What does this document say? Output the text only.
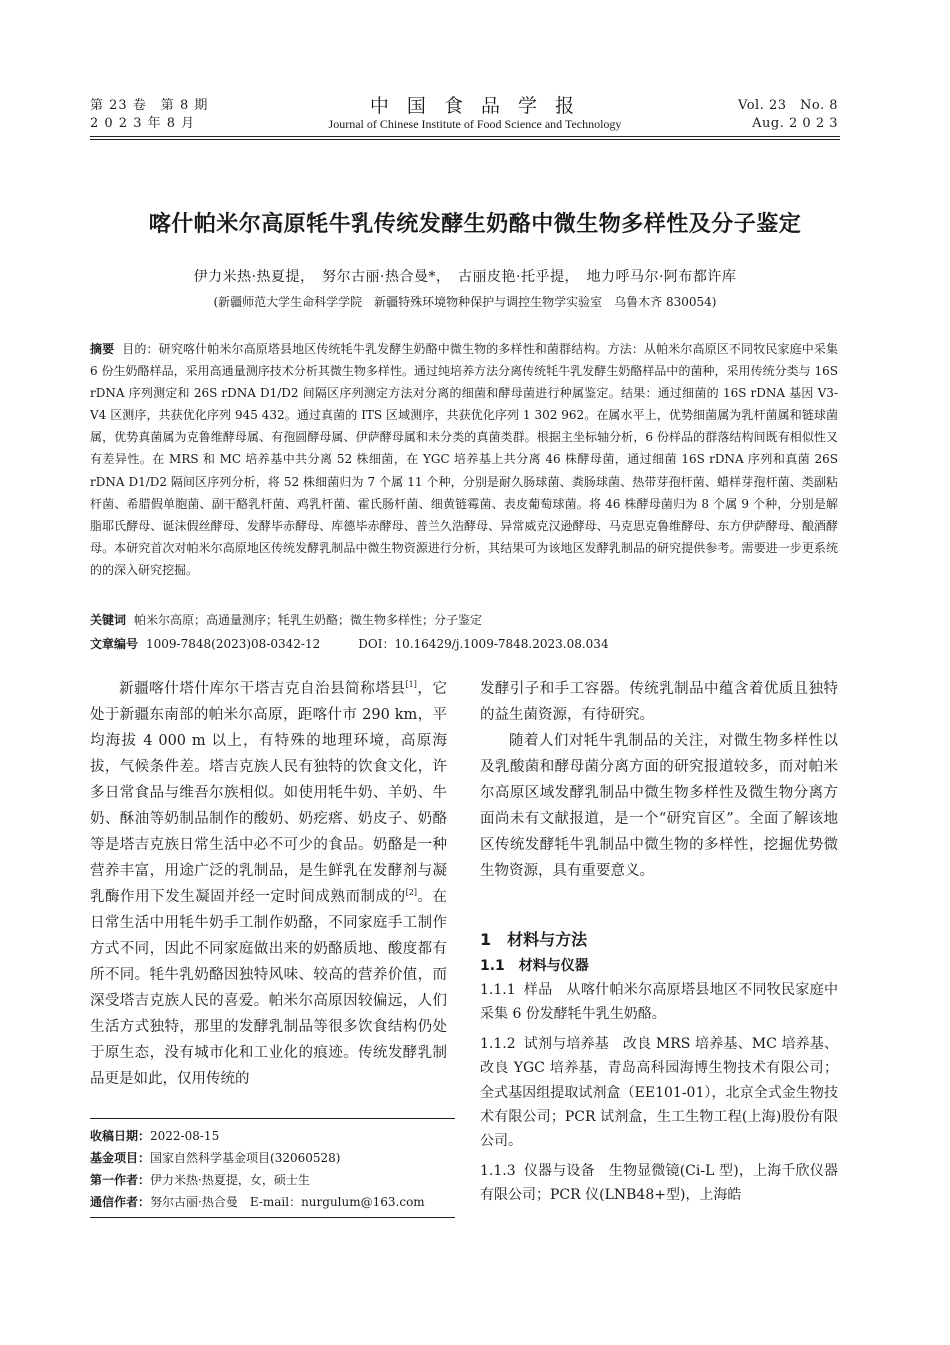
第 23 卷　第 8 期
2 0 2 3 年 8 月
中 国 食 品 学 报
Journal of Chinese Institute of Food Science and Technology
Vol. 23　No. 8
Aug. 2 0 2 3
喀什帕米尔高原牦牛乳传统发酵生奶酪中微生物多样性及分子鉴定
伊力米热·热夏提，　努尔古丽·热合曼*，　古丽皮艳·托乎提，　地力呼马尔·阿布都许库
(新疆师范大学生命科学学院　新疆特殊环境物种保护与调控生物学实验室　乌鲁木齐 830054)
摘要 目的：研究喀什帕米尔高原塔县地区传统牦牛乳发酵生奶酪中微生物的多样性和菌群结构。方法：从帕米尔高原区不同牧民家庭中采集 6 份生奶酪样品，采用高通量测序技术分析其微生物多样性。通过纯培养方法分离传统牦牛乳发酵生奶酪样品中的菌种，采用传统分类与 16S rDNA 序列测定和 26S rDNA D1/D2 间隔区序列测定方法对分离的细菌和酵母菌进行种属鉴定。结果：通过细菌的 16S rDNA 基因 V3-V4 区测序，共获优化序列 945 432。通过真菌的 ITS 区域测序，共获优化序列 1 302 962。在属水平上，优势细菌属为乳杆菌属和链球菌属，优势真菌属为克鲁维酵母属、有孢圆酵母属、伊萨酵母属和未分类的真菌类群。根据主坐标轴分析，6 份样品的群落结构间既有相似性又有差异性。在 MRS 和 MC 培养基中共分离 52 株细菌，在 YGC 培养基上共分离 46 株酵母菌，通过细菌 16S rDNA 序列和真菌 26S rDNA D1/D2 隔间区序列分析，将 52 株细菌归为 7 个属 11 个种，分别是耐久肠球菌、粪肠球菌、热带芽孢杆菌、蜡样芽孢杆菌、类副粘杆菌、希腊假单胞菌、副干酪乳杆菌、鸡乳杆菌、霍氏肠杆菌、细黄链霉菌、表皮葡萄球菌。将 46 株酵母菌归为 8 个属 9 个种，分别是解脂耶氏酵母、诞沫假丝酵母、发酵毕赤酵母、库德毕赤酵母、普兰久浩酵母、异常威克汉逊酵母、马克思克鲁维酵母、东方伊萨酵母、酿酒酵母。本研究首次对帕米尔高原地区传统发酵乳制品中微生物资源进行分析，其结果可为该地区发酵乳制品的研究提供参考。需要进一步更系统的的深入研究挖掘。
关键词 帕米尔高原；高通量测序；牦乳生奶酪；微生物多样性；分子鉴定
文章编号 1009-7848(2023)08-0342-12	DOI：10.16429/j.1009-7848.2023.08.034

新疆喀什塔什库尔干塔吉克自治县简称塔县[1]，它处于新疆东南部的帕米尔高原，距喀什市 290 km，平均海拔 4 000 m 以上，有特殊的地理环境，高原海拔，气候条件差。塔吉克族人民有独特的饮食文化，许多日常食品与维吾尔族相似。如使用牦牛奶、羊奶、牛奶、酥油等奶制品制作的酸奶、奶疙瘩、奶皮子、奶酪等是塔吉克族日常生活中必不可少的食品。奶酪是一种营养丰富，用途广泛的乳制品，是生鲜乳在发酵剂与凝乳酶作用下发生凝固并经一定时间成熟而制成的[2]。在日常生活中用牦牛奶手工制作奶酪，不同家庭手工制作方式不同，因此不同家庭做出来的奶酪质地、酸度都有所不同。牦牛乳奶酪因独特风味、较高的营养价值，而深受塔吉克族人民的喜爱。帕米尔高原因较偏远，人们生活方式独特，那里的发酵乳制品等很多饮食结构仍处于原生态，没有城市化和工业化的痕迹。传统发酵乳制品更是如此，仅用传统的

发酵引子和手工容器。传统乳制品中蕴含着优质且独特的益生菌资源，有待研究。

随着人们对牦牛乳制品的关注，对微生物多样性以及乳酸菌和酵母菌分离方面的研究报道较多，而对帕米尔高原区域发酵乳制品中微生物多样性及微生物分离方面尚未有文献报道，是一个“研究盲区”。全面了解该地区传统发酵牦牛乳制品中微生物的多样性，挖掘优势微生物资源，具有重要意义。

1　材料与方法
1.1　材料与仪器

1.1.1 样品 从喀什帕米尔高原塔县地区不同牧民家庭中采集 6 份发酵牦牛乳生奶酪。

1.1.2 试剂与培养基 改良 MRS 培养基、MC 培养基、改良 YGC 培养基，青岛高科园海博生物技术有限公司；全式基因组提取试剂盒（EE101-01），北京全式金生物技术有限公司；PCR 试剂盒，生工生物工程(上海)股份有限公司。

1.1.3 仪器与设备 生物显微镜(Ci-L 型)，上海千欣仪器有限公司；PCR 仪(LNB48+型)，上海皓

收稿日期：2022-08-15
基金项目：国家自然科学基金项目(32060528)
第一作者：伊力米热·热夏提，女，硕士生
通信作者：努尔古丽·热合曼　E-mail：nurgulum@163.com
